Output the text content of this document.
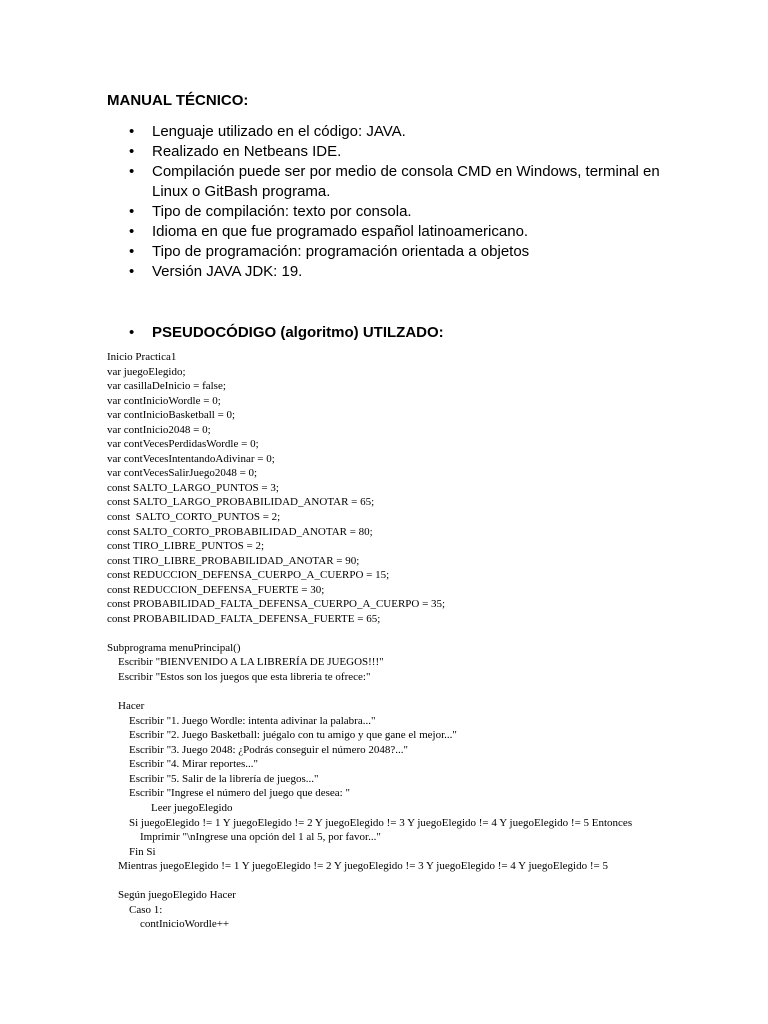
MANUAL TÉCNICO:
• Lenguaje utilizado en el código: JAVA.
• Realizado en Netbeans IDE.
• Compilación puede ser por medio de consola CMD en Windows, terminal en Linux o GitBash programa.
• Tipo de compilación: texto por consola.
• Idioma en que fue programado español latinoamericano.
• Tipo de programación: programación orientada a objetos
• Versión JAVA JDK: 19.
• PSEUDOCÓDIGO (algoritmo) UTILZADO:
Inicio Practica1
var juegoElegido;
var casillaDeInicio = false;
var contInicioWordle = 0;
var contInicioBasketball = 0;
var contInicio2048 = 0;
var contVecesPerdidasWordle = 0;
var contVecesIntentandoAdivinar = 0;
var contVecesSalirJuego2048 = 0;
const SALTO_LARGO_PUNTOS = 3;
const SALTO_LARGO_PROBABILIDAD_ANOTAR = 65;
const  SALTO_CORTO_PUNTOS = 2;
const SALTO_CORTO_PROBABILIDAD_ANOTAR = 80;
const TIRO_LIBRE_PUNTOS = 2;
const TIRO_LIBRE_PROBABILIDAD_ANOTAR = 90;
const REDUCCION_DEFENSA_CUERPO_A_CUERPO = 15;
const REDUCCION_DEFENSA_FUERTE = 30;
const PROBABILIDAD_FALTA_DEFENSA_CUERPO_A_CUERPO = 35;
const PROBABILIDAD_FALTA_DEFENSA_FUERTE = 65;
Subprograma menuPrincipal()
Escribir "BIENVENIDO A LA LIBRERÍA DE JUEGOS!!!"
Escribir "Estos son los juegos que esta libreria te ofrece:"
Hacer
Escribir "1. Juego Wordle: intenta adivinar la palabra..."
Escribir "2. Juego Basketball: juégalo con tu amigo y que gane el mejor..."
Escribir "3. Juego 2048: ¿Podrás conseguir el número 2048?..."
Escribir "4. Mirar reportes..."
Escribir "5. Salir de la librería de juegos..."
Escribir "Ingrese el número del juego que desea: "
Leer juegoElegido
Si juegoElegido != 1 Y juegoElegido != 2 Y juegoElegido != 3 Y juegoElegido != 4 Y juegoElegido != 5 Entonces
Imprimir "\nIngrese una opción del 1 al 5, por favor..."
Fin Si
Mientras juegoElegido != 1 Y juegoElegido != 2 Y juegoElegido != 3 Y juegoElegido != 4 Y juegoElegido != 5
Según juegoElegido Hacer
Caso 1:
contInicioWordle++
